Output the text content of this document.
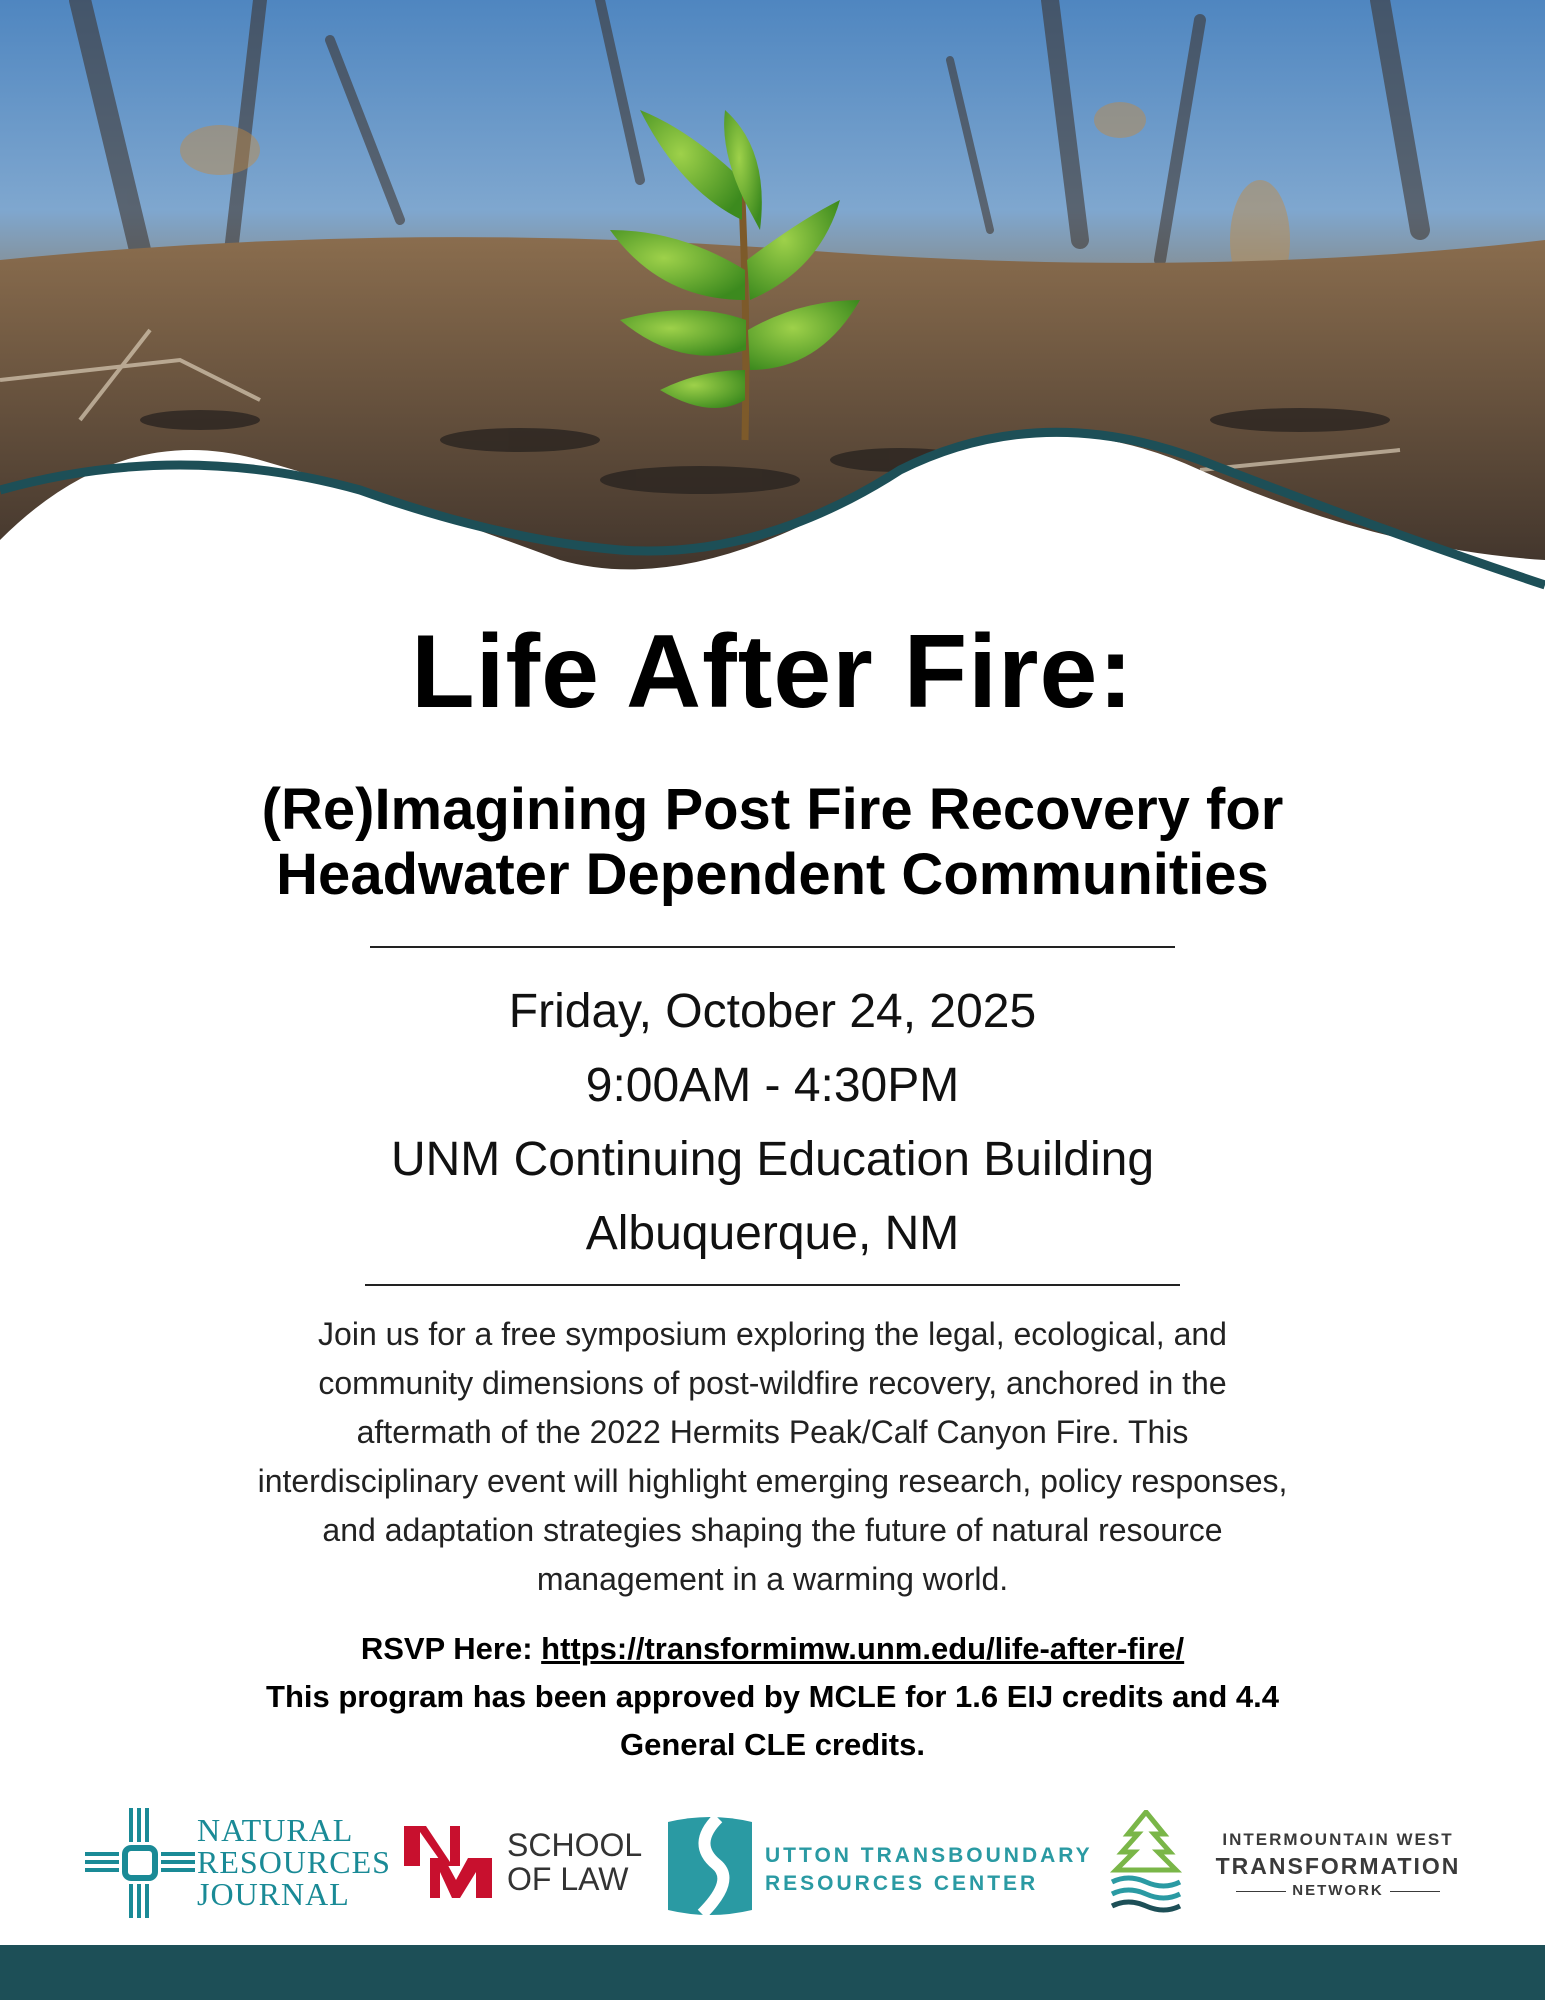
Life After Fire:
(Re)Imagining Post Fire Recovery for
Headwater Dependent Communities
Friday, October 24, 2025
9:00AM - 4:30PM
UNM Continuing Education Building
Albuquerque, NM
Join us for a free symposium exploring the legal, ecological, and
community dimensions of post-wildfire recovery, anchored in the
aftermath of the 2022 Hermits Peak/Calf Canyon Fire. This
interdisciplinary event will highlight emerging research, policy responses,
and adaptation strategies shaping the future of natural resource
management in a warming world.
RSVP Here: https://transformimw.unm.edu/life-after-fire/
This program has been approved by MCLE for 1.6 EIJ credits and 4.4
General CLE credits.
NATURAL
RESOURCES
JOURNAL
SCHOOL
OF LAW
UTTON TRANSBOUNDARY
RESOURCES CENTER
INTERMOUNTAIN WEST
TRANSFORMATION
NETWORK
